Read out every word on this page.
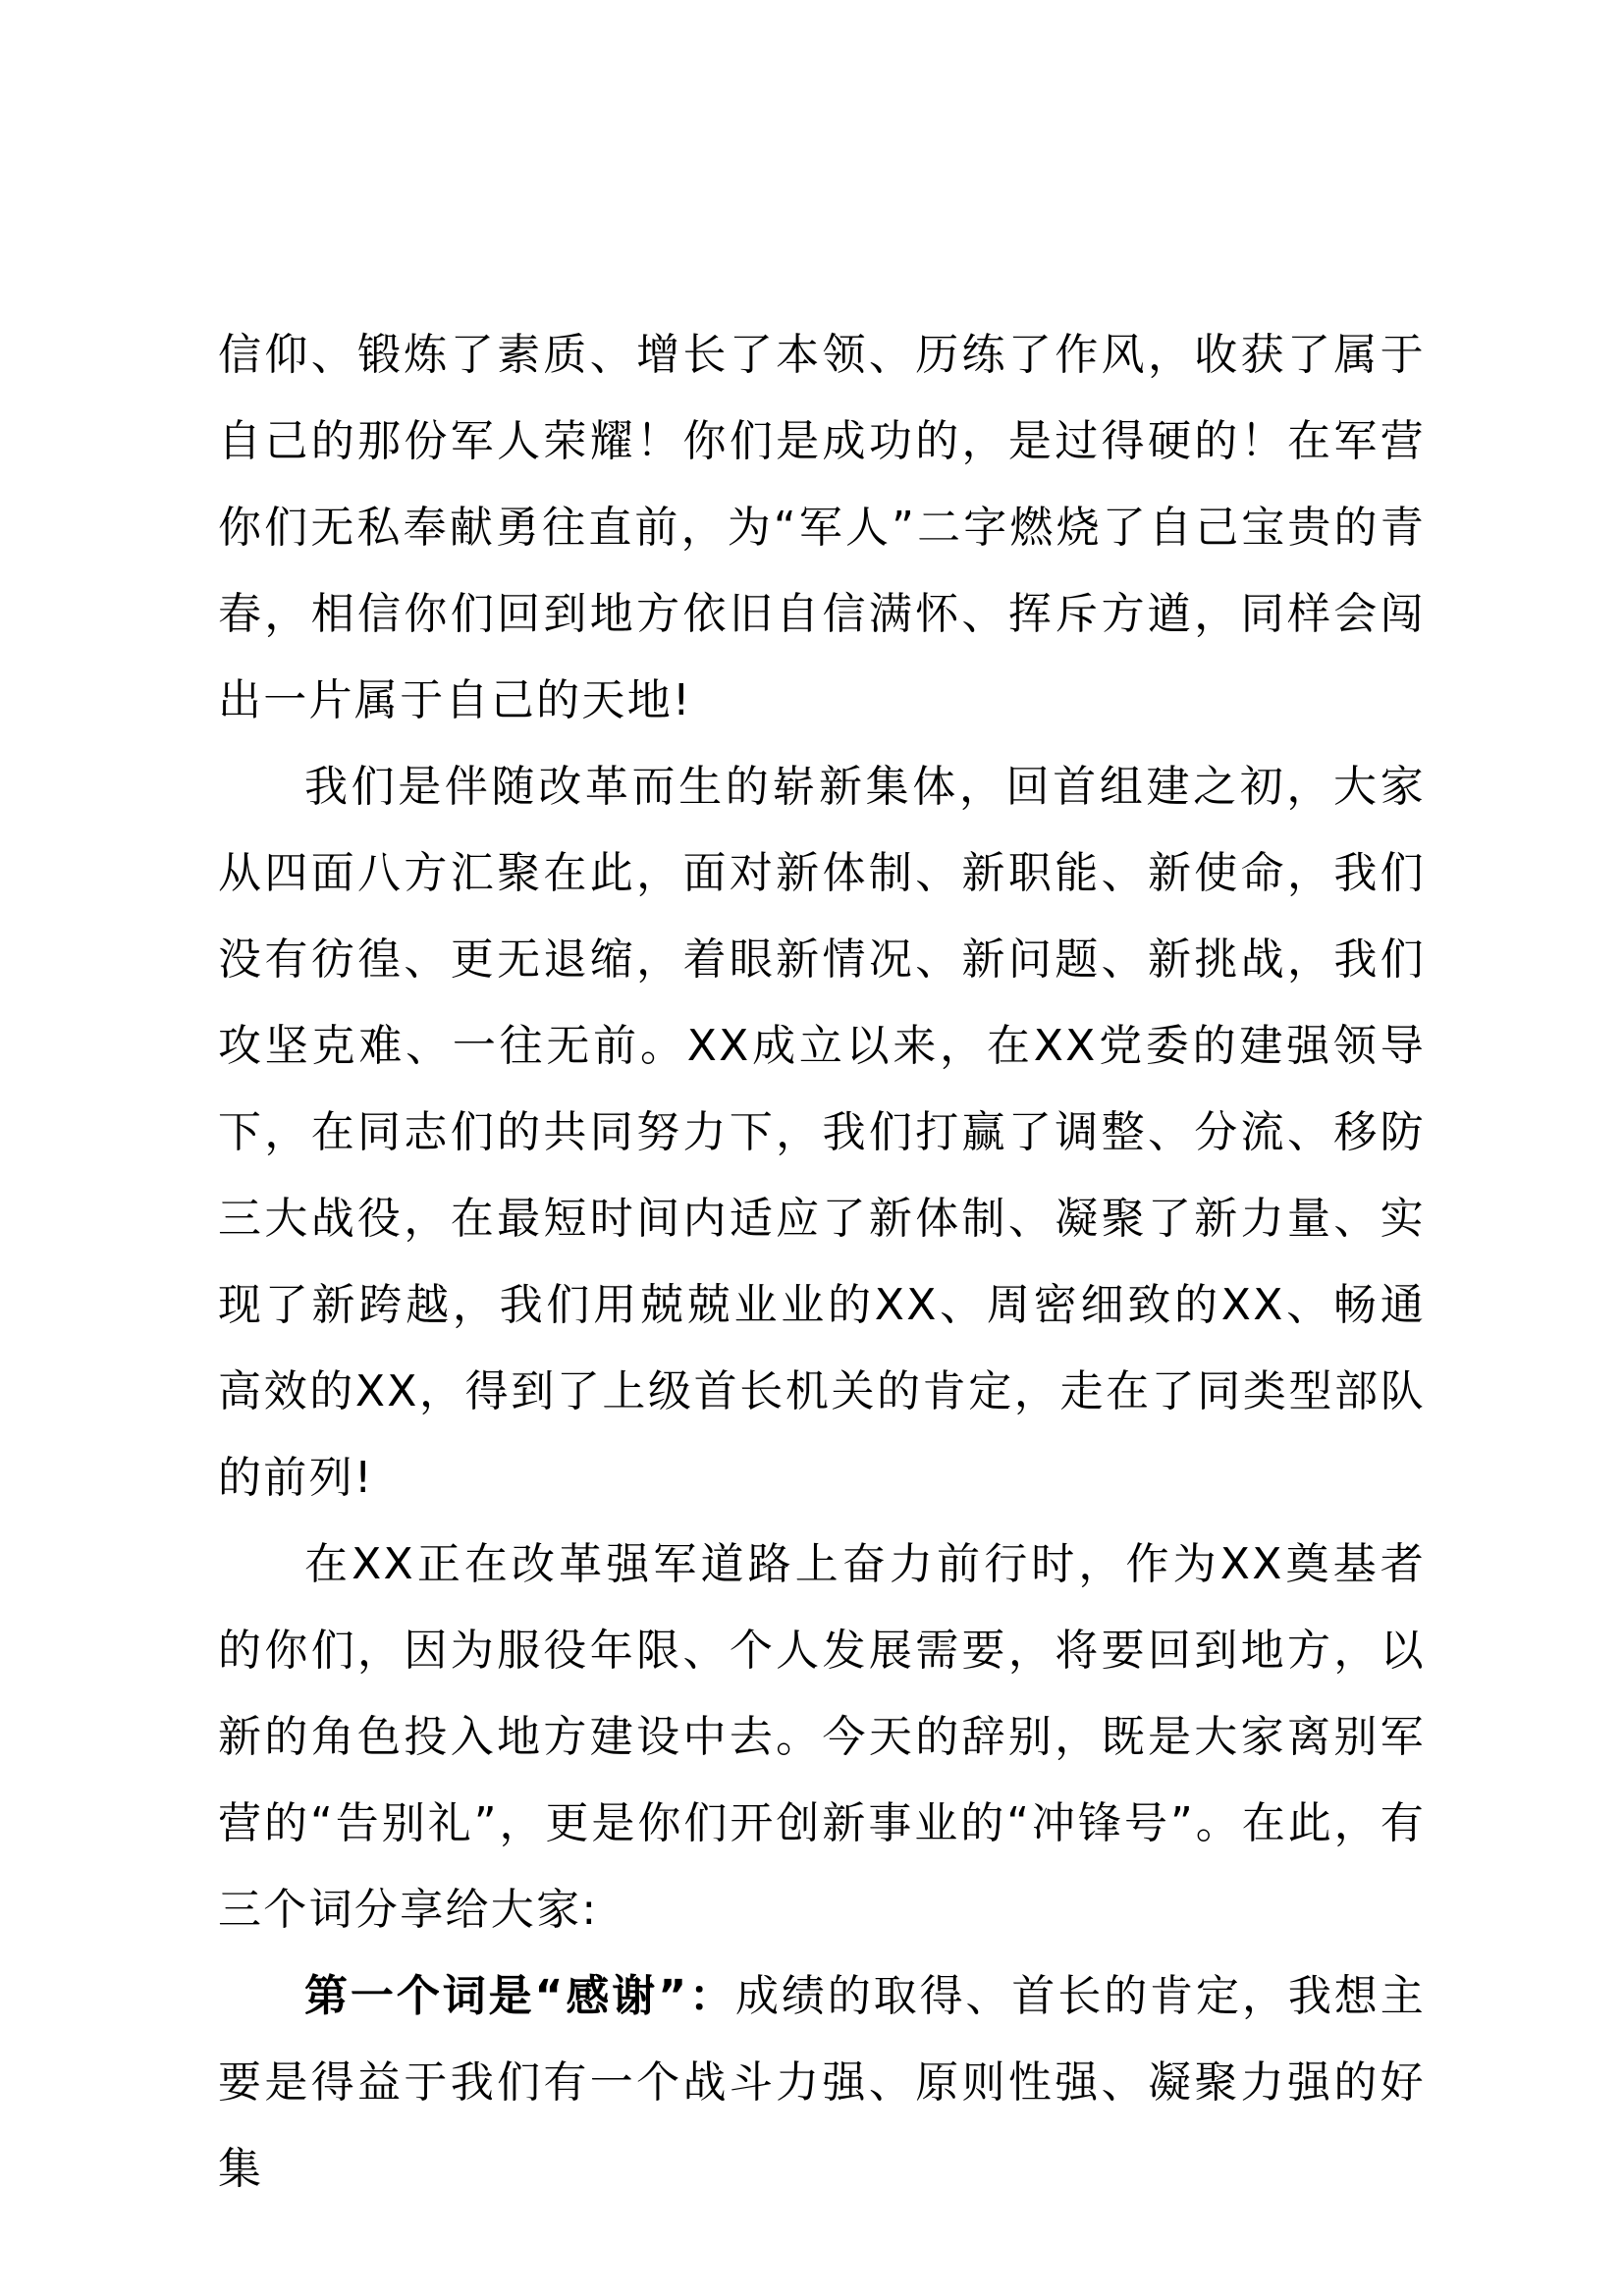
信仰、锻炼了素质、增长了本领、历练了作风，收获了属于自己的那份军人荣耀！你们是成功的，是过得硬的！在军营你们无私奉献勇往直前，为“军人”二字燃烧了自己宝贵的青春，相信你们回到地方依旧自信满怀、挥斥方遒，同样会闯出一片属于自己的天地!

我们是伴随改革而生的崭新集体，回首组建之初，大家从四面八方汇聚在此，面对新体制、新职能、新使命，我们没有彷徨、更无退缩，着眼新情况、新问题、新挑战，我们攻坚克难、一往无前。XX成立以来，在XX党委的建强领导下，在同志们的共同努力下，我们打赢了调整、分流、移防三大战役，在最短时间内适应了新体制、凝聚了新力量、实现了新跨越，我们用兢兢业业的XX、周密细致的XX、畅通高效的XX，得到了上级首长机关的肯定，走在了同类型部队的前列!

在XX正在改革强军道路上奋力前行时，作为XX奠基者的你们，因为服役年限、个人发展需要，将要回到地方，以新的角色投入地方建设中去。今天的辞别，既是大家离别军营的“告别礼”，更是你们开创新事业的“冲锋号”。在此，有三个词分享给大家:

第一个词是“感谢”：成绩的取得、首长的肯定，我想主要是得益于我们有一个战斗力强、原则性强、凝聚力强的好集
